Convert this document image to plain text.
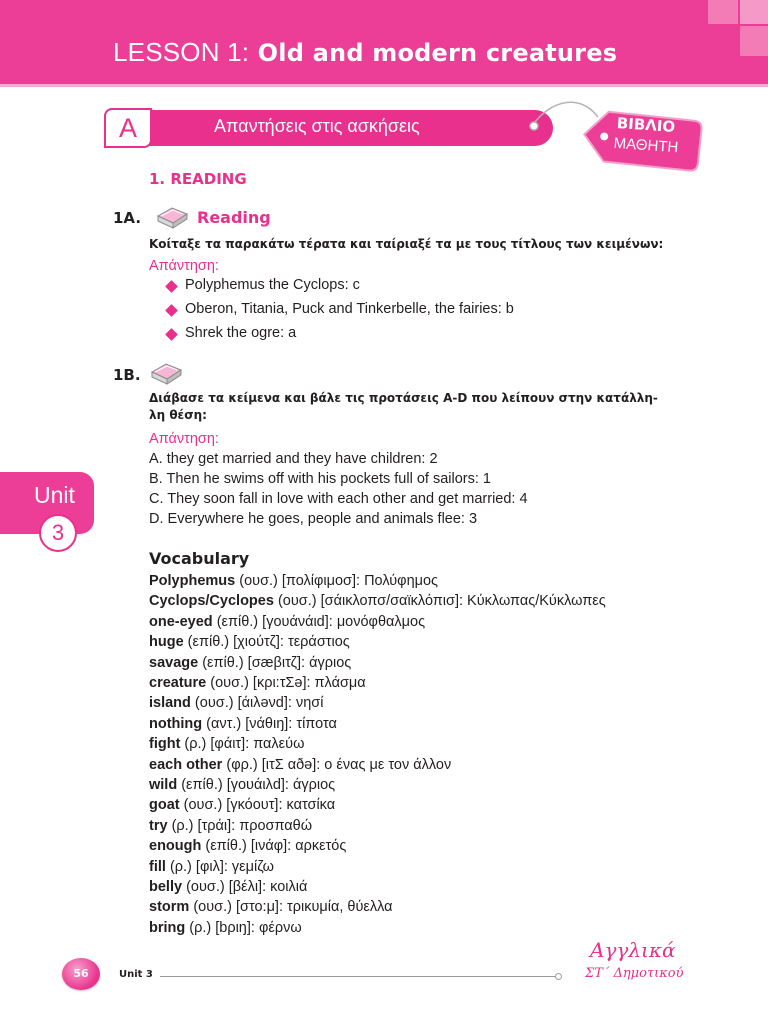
LESSON 1: Old and modern creatures
A	Απαντήσεις στις ασκήσεις	ΒΙΒΛΙΟ
ΜΑΘΗΤΗ
1. READING
1A.	Reading
Κοίταξε τα παρακάτω τέρατα και ταίριαξέ τα με τους τίτλους των κειμένων:
Απάντηση:
Polyphemus the Cyclops: c
Oberon, Titania, Puck and Tinkerbelle, the fairies: b
Shrek the ogre: a
1B.
Διάβασε τα κείμενα και βάλε τις προτάσεις A-D που λείπουν στην κατάλλη-
λη θέση:
Απάντηση:
A. they get married and they have children: 2
B. Then he swims off with his pockets full of sailors: 1
C. They soon fall in love with each other and get married: 4
D. Everywhere he goes, people and animals flee: 3
Unit
3
Vocabulary
Polyphemus (ουσ.) [πολίφιμοσ]: Πολύφημος
Cyclops/Cyclopes (ουσ.) [σάικλοπσ/σαϊκλόπισ]: Κύκλωπας/Κύκλωπες
one-eyed (επίθ.) [γουάνάιd]: μονόφθαλμος
huge (επίθ.) [χιούτζ]: τεράστιος
savage (επίθ.) [σæβιτζ]: άγριος
creature (ουσ.) [κρι:τΣə]: πλάσμα
island (ουσ.) [άιλəνd]: νησί
nothing (αντ.) [νάθιŋ]: τίποτα
fight (ρ.) [φάιτ]: παλεύω
each other (φρ.) [ιτΣ αðə]: ο ένας με τον άλλον
wild (επίθ.) [γουάιλd]: άγριος
goat (ουσ.) [γκόουτ]: κατσίκα
try (ρ.) [τράι]: προσπαθώ
enough (επίθ.) [ινάφ]: αρκετός
fill (ρ.) [φιλ]: γεμίζω
belly (ουσ.) [βέλι]: κοιλιά
storm (ουσ.) [στο:μ]: τρικυμία, θύελλα
bring (ρ.) [bριŋ]: φέρνω
56	Unit 3
Αγγλικά
ΣΤ΄ Δημοτικού
